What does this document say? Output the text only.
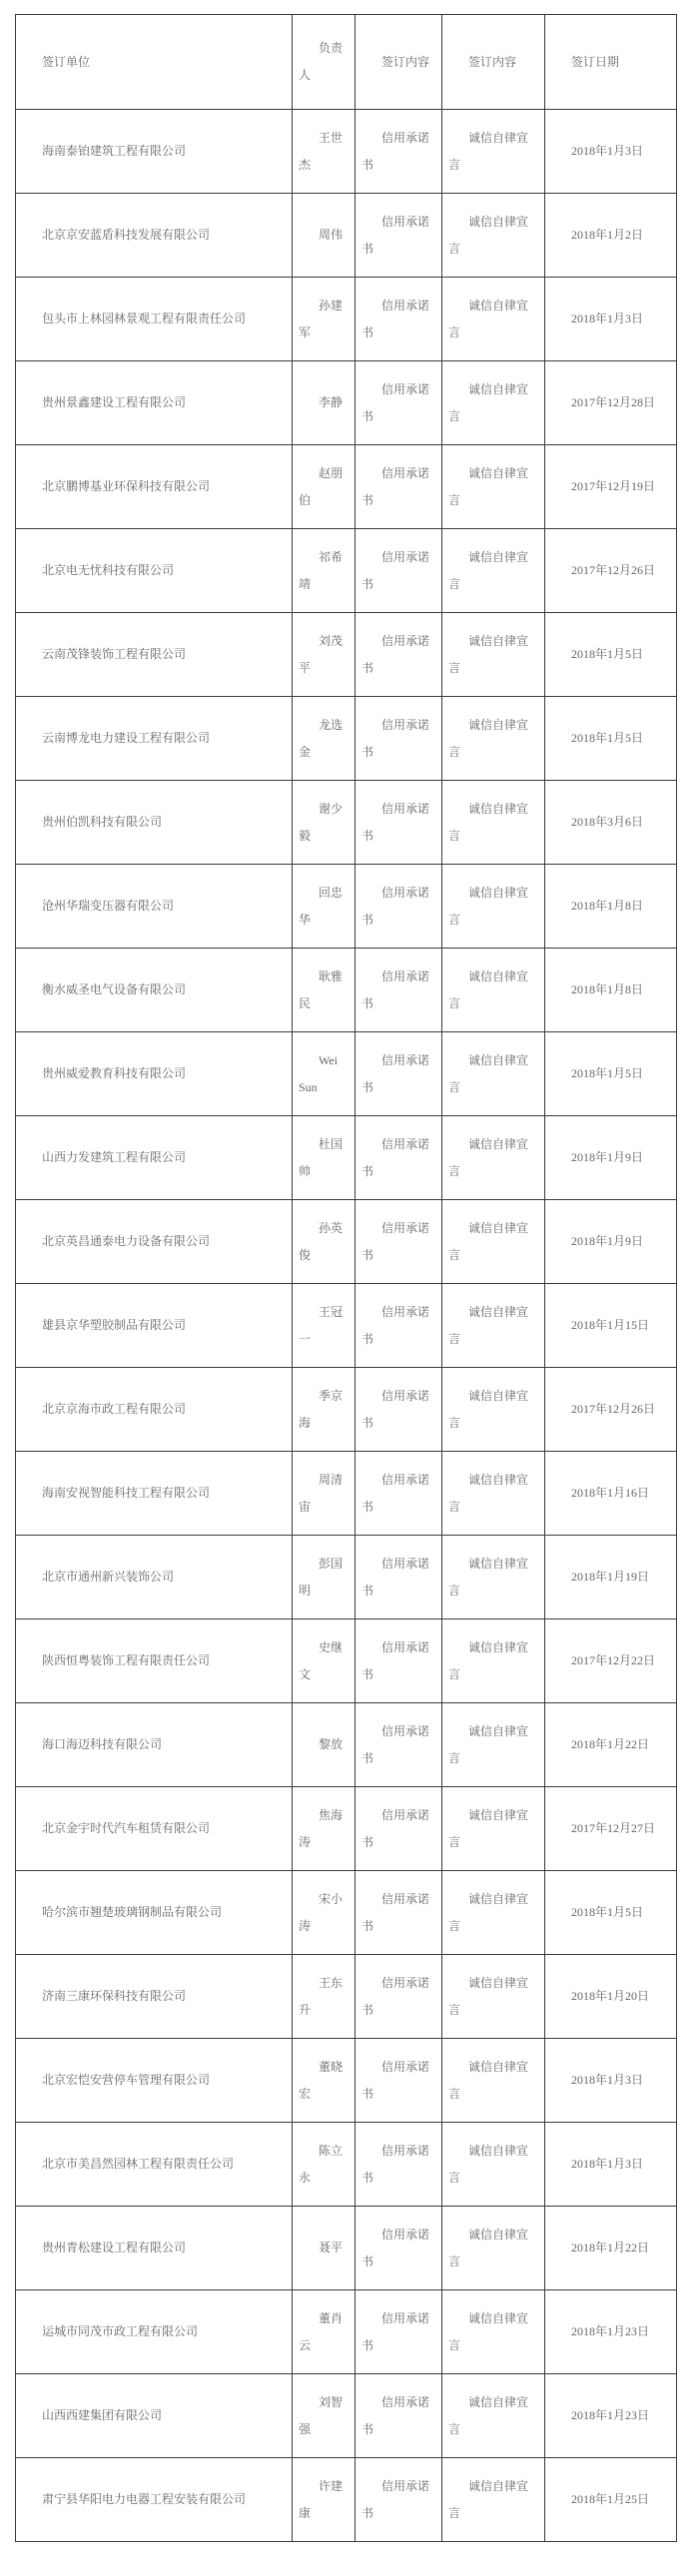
签订单位	负责人	签订内容	签订内容	签订日期

海南泰铂建筑工程有限公司	王世杰	信用承诺书	诚信自律宣言	2018年1月3日

北京京安蓝盾科技发展有限公司	周伟	信用承诺书	诚信自律宣言	2018年1月2日

包头市上林园林景观工程有限责任公司	孙建军	信用承诺书	诚信自律宣言	2018年1月3日

贵州景鑫建设工程有限公司	李静	信用承诺书	诚信自律宣言	2017年12月28日

北京鹏博基业环保科技有限公司	赵朋伯	信用承诺书	诚信自律宣言	2017年12月19日

北京电无忧科技有限公司	祁希靖	信用承诺书	诚信自律宣言	2017年12月26日

云南茂锋装饰工程有限公司	刘茂平	信用承诺书	诚信自律宣言	2018年1月5日

云南博龙电力建设工程有限公司	龙选金	信用承诺书	诚信自律宣言	2018年1月5日

贵州伯凯科技有限公司	谢少毅	信用承诺书	诚信自律宣言	2018年3月6日

沧州华瑞变压器有限公司	回忠华	信用承诺书	诚信自律宣言	2018年1月8日

衡水威圣电气设备有限公司	耿雅民	信用承诺书	诚信自律宣言	2018年1月8日

贵州威爱教育科技有限公司	Wei Sun	信用承诺书	诚信自律宣言	2018年1月5日

山西力发建筑工程有限公司	杜国帅	信用承诺书	诚信自律宣言	2018年1月9日

北京英昌通泰电力设备有限公司	孙英俊	信用承诺书	诚信自律宣言	2018年1月9日

雄县京华塑胶制品有限公司	王冠一	信用承诺书	诚信自律宣言	2018年1月15日

北京京海市政工程有限公司	季京海	信用承诺书	诚信自律宣言	2017年12月26日

海南安视智能科技工程有限公司	周清宙	信用承诺书	诚信自律宣言	2018年1月16日

北京市通州新兴装饰公司	彭国明	信用承诺书	诚信自律宣言	2018年1月19日

陕西恒粤装饰工程有限责任公司	史继文	信用承诺书	诚信自律宣言	2017年12月22日

海口海迈科技有限公司	黎放	信用承诺书	诚信自律宣言	2018年1月22日

北京金宇时代汽车租赁有限公司	焦海涛	信用承诺书	诚信自律宣言	2017年12月27日

哈尔滨市翘楚玻璃钢制品有限公司	宋小涛	信用承诺书	诚信自律宣言	2018年1月5日

济南三康环保科技有限公司	王东升	信用承诺书	诚信自律宣言	2018年1月20日

北京宏恺安营停车管理有限公司	董晓宏	信用承诺书	诚信自律宣言	2018年1月3日

北京市美昌然园林工程有限责任公司	陈立永	信用承诺书	诚信自律宣言	2018年1月3日

贵州青松建设工程有限公司	聂平	信用承诺书	诚信自律宣言	2018年1月22日

运城市同茂市政工程有限公司	董肖云	信用承诺书	诚信自律宣言	2018年1月23日

山西西建集团有限公司	刘智强	信用承诺书	诚信自律宣言	2018年1月23日

肃宁县华阳电力电器工程安装有限公司	许建康	信用承诺书	诚信自律宣言	2018年1月25日
